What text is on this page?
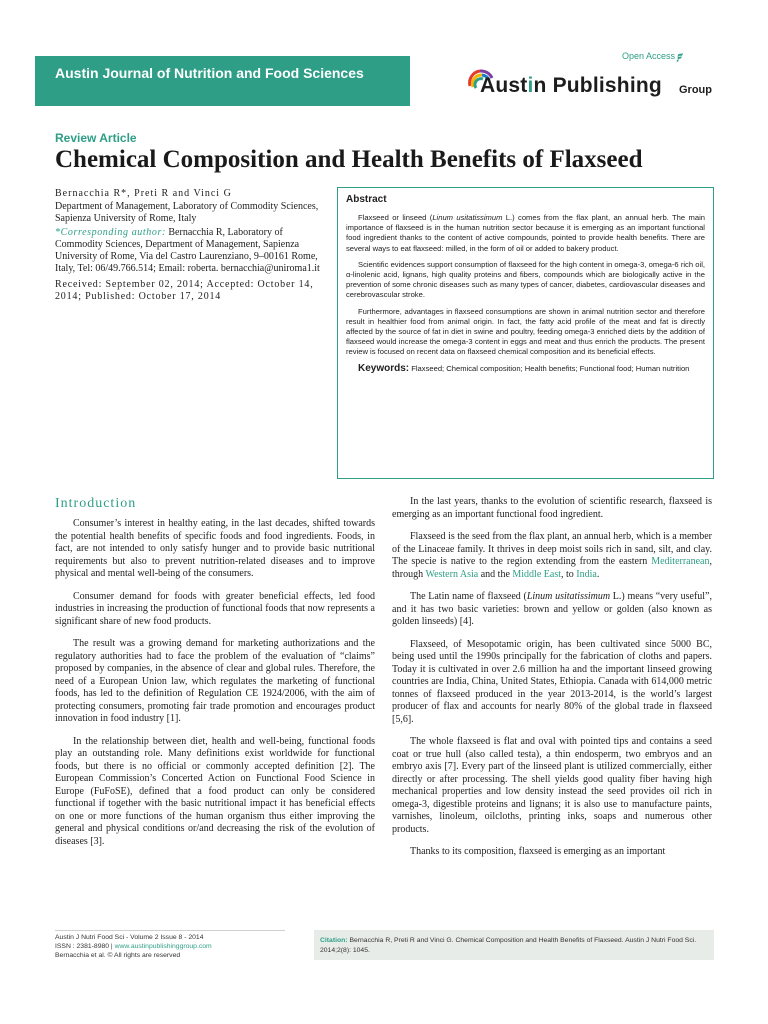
Open Access 𝟋
Austin Journal of Nutrition and Food Sciences
Austin Publishing Group
Review Article
Chemical Composition and Health Benefits of Flaxseed

Bernacchia R*, Preti R and Vinci G

Department of Management, Laboratory of Commodity Sciences, Sapienza University of Rome, Italy

*Corresponding author: Bernacchia R, Laboratory of Commodity Sciences, Department of Management, Sapienza University of Rome, Via del Castro Laurenziano, 9–00161 Rome, Italy, Tel: 06/49.766.514; Email: roberta. bernacchia@uniroma1.it

Received: September 02, 2014; Accepted: October 14, 2014; Published: October 17, 2014

Abstract

Flaxseed or linseed (Linum usitatissimum L.) comes from the flax plant, an annual herb. The main importance of flaxseed is in the human nutrition sector because it is emerging as an important functional food ingredient thanks to the content of active compounds, pointed to provide health benefits. There are several ways to eat flaxseed: milled, in the form of oil or added to bakery product.

Scientific evidences support consumption of flaxseed for the high content in omega-3, omega-6 rich oil, α-linolenic acid, lignans, high quality proteins and fibers, compounds which are biologically active in the prevention of some chronic diseases such as many types of cancer, diabetes, cardiovascular diseases and cerebrovascular stroke.

Furthermore, advantages in flaxseed consumptions are shown in animal nutrition sector and therefore result in healthier food from animal origin. In fact, the fatty acid profile of the meat and fat is directly affected by the source of fat in diet in swine and poultry, feeding omega-3 enriched diets by the addition of flaxseed would increase the omega-3 content in eggs and meat and thus enrich the products. The present review is focused on recent data on flaxseed chemical composition and its beneficial effects.

Keywords: Flaxseed; Chemical composition; Health benefits; Functional food; Human nutrition

Introduction

Consumer’s interest in healthy eating, in the last decades, shifted towards the potential health benefits of specific foods and food ingredients. Foods, in fact, are not intended to only satisfy hunger and to provide basic nutritional requirements but also to prevent nutrition-related diseases and to improve physical and mental well-being of the consumers.

Consumer demand for foods with greater beneficial effects, led food industries in increasing the production of functional foods that now represents a significant share of new food products.

The result was a growing demand for marketing authorizations and the regulatory authorities had to face the problem of the evaluation of “claims” proposed by companies, in the absence of clear and global rules. Therefore, the need of a European Union law, which regulates the marketing of functional foods, has led to the definition of Regulation CE 1924/2006, with the aim of protecting consumers, promoting fair trade promotion and encourages product innovation in food industry [1].

In the relationship between diet, health and well-being, functional foods play an outstanding role. Many definitions exist worldwide for functional foods, but there is no official or commonly accepted definition [2]. The European Commission’s Concerted Action on Functional Food Science in Europe (FuFoSE), defined that a food product can only be considered functional if together with the basic nutritional impact it has beneficial effects on one or more functions of the human organism thus either improving the general and physical conditions or/and decreasing the risk of the evolution of diseases [3].

In the last years, thanks to the evolution of scientific research, flaxseed is emerging as an important functional food ingredient.

Flaxseed is the seed from the flax plant, an annual herb, which is a member of the Linaceae family. It thrives in deep moist soils rich in sand, silt, and clay. The specie is native to the region extending from the eastern Mediterranean, through Western Asia and the Middle East, to India.

The Latin name of flaxseed (Linum usitatissimum L.) means “very useful”, and it has two basic varieties: brown and yellow or golden (also known as golden linseeds) [4].

Flaxseed, of Mesopotamic origin, has been cultivated since 5000 BC, being used until the 1990s principally for the fabrication of cloths and papers. Today it is cultivated in over 2.6 million ha and the important linseed growing countries are India, China, United States, Ethiopia. Canada with 614,000 metric tonnes of flaxseed produced in the year 2013-2014, is the world’s largest producer of flax and accounts for nearly 80% of the global trade in flaxseed [5,6].

The whole flaxseed is flat and oval with pointed tips and contains a seed coat or true hull (also called testa), a thin endosperm, two embryos and an embryo axis [7]. Every part of the linseed plant is utilized commercially, either directly or after processing. The shell yields good quality fiber having high mechanical properties and low density instead the seed provides oil rich in omega-3, digestible proteins and lignans; it is also use to manufacture paints, varnishes, linoleum, oilcloths, printing inks, soaps and numerous other products.

Thanks to its composition, flaxseed is emerging as an important

Austin J Nutri Food Sci - Volume 2 Issue 8 - 2014
ISSN : 2381-8980 | www.austinpublishinggroup.com
Bernacchia et al. © All rights are reserved
Citation: Bernacchia R, Preti R and Vinci G. Chemical Composition and Health Benefits of Flaxseed. Austin J Nutri Food Sci. 2014;2(8): 1045.
